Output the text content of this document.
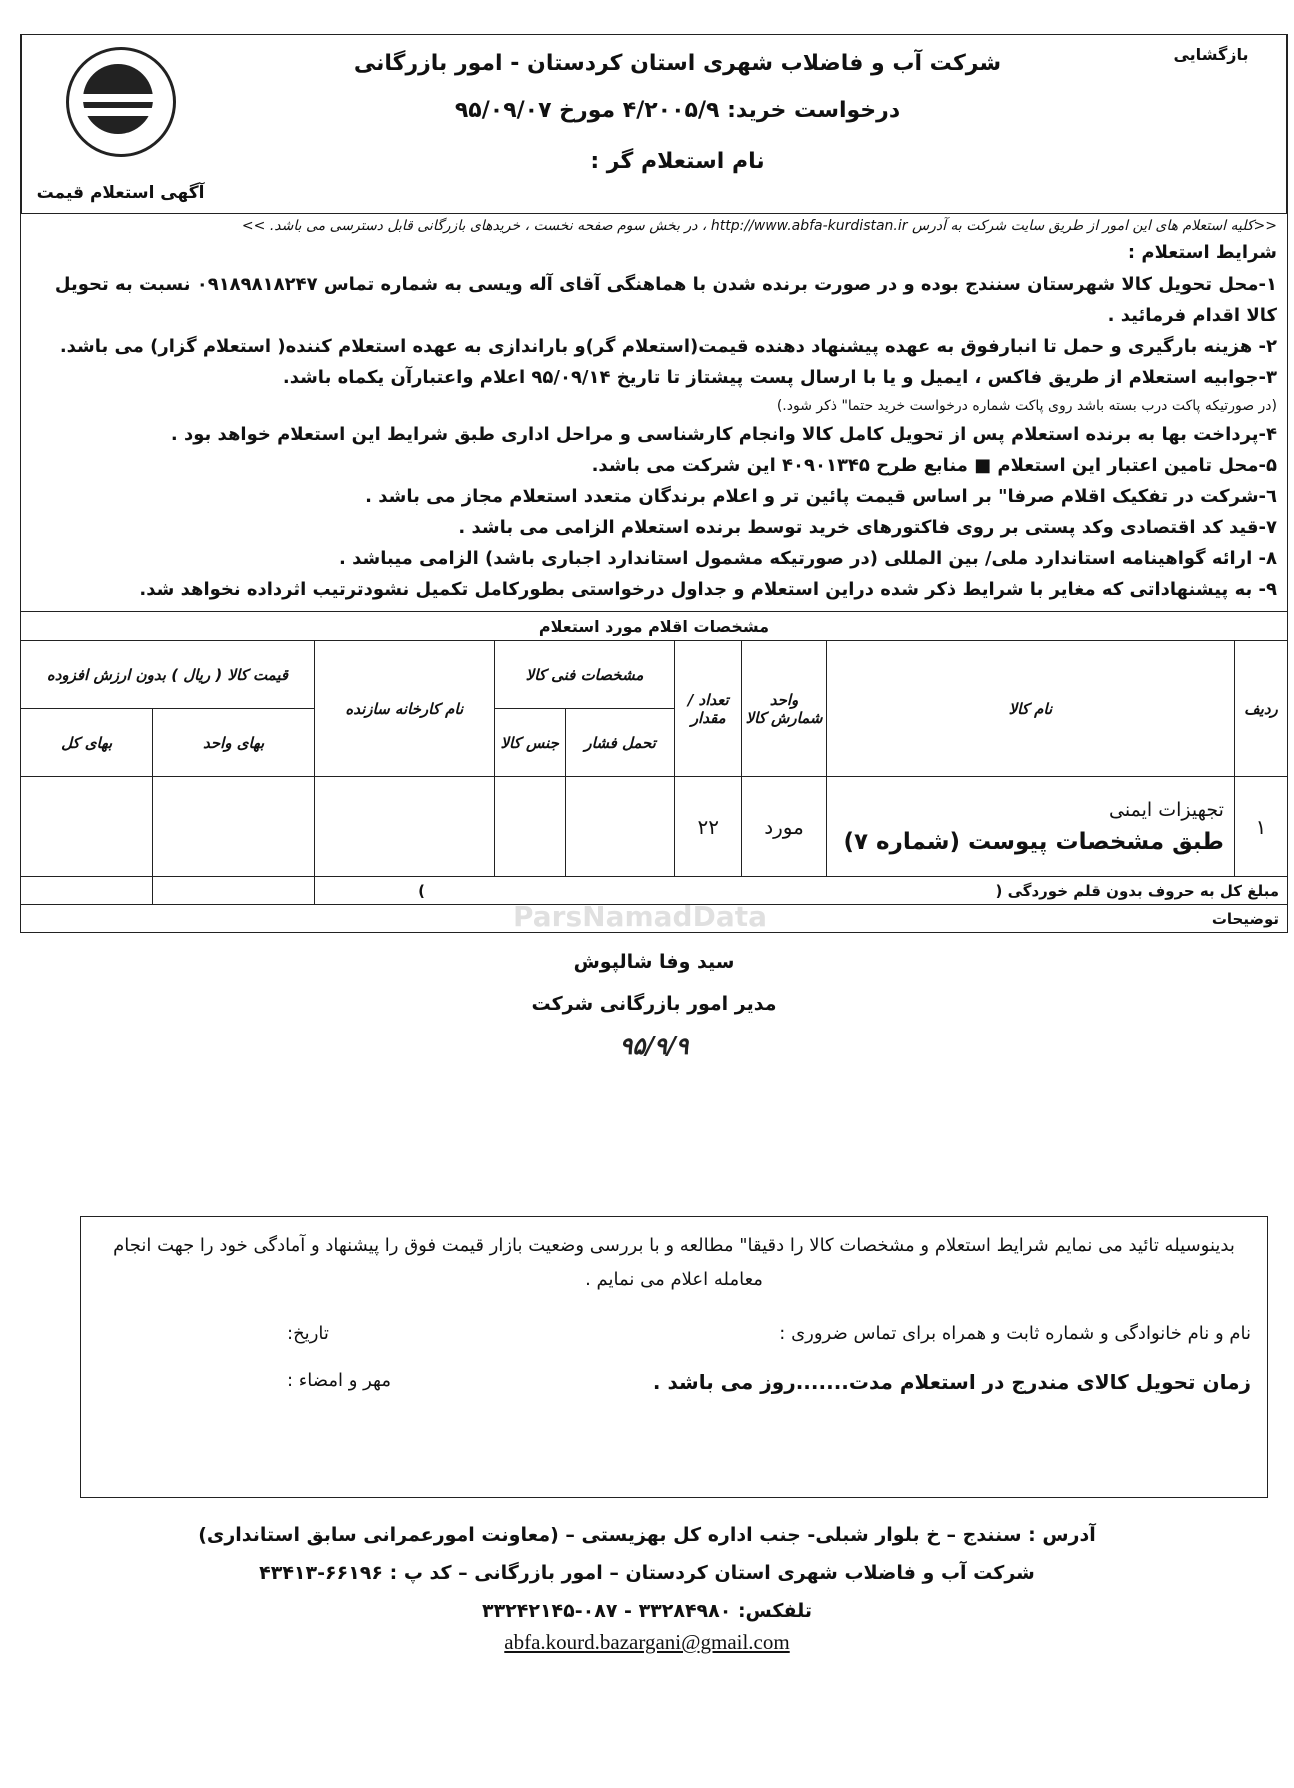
بازگشایی
شرکت آب و فاضلاب شهری استان کردستان - امور بازرگانی
درخواست خرید: ۴/۲۰۰۵/۹ مورخ ۹۵/۰۹/۰۷
نام استعلام گر :
آگهی استعلام قیمت
<<کلیه استعلام های این امور از طریق سایت شرکت به آدرس http://www.abfa-kurdistan.ir ، در بخش سوم صفحه نخست ، خریدهای بازرگانی قابل دسترسی می باشد. >>
شرایط استعلام :
۱-محل تحویل کالا شهرستان سنندج بوده و در صورت برنده شدن با هماهنگی آقای آله ویسی به شماره تماس ۰۹۱۸۹۸۱۸۲۴۷ نسبت به تحویل کالا اقدام فرمائید .
۲- هزینه بارگیری و حمل تا انبارفوق به عهده پیشنهاد دهنده قیمت(استعلام گر)و باراندازی به عهده استعلام کننده( استعلام گزار) می باشد.
۳-جوابیه استعلام از طریق فاکس ، ایمیل و یا با ارسال پست پیشتاز تا تاریخ ۹۵/۰۹/۱۴ اعلام واعتبارآن یکماه باشد.
(در صورتیکه پاکت درب بسته باشد روی پاکت شماره درخواست خرید حتما" ذکر شود.)
۴-پرداخت بها به برنده استعلام پس از تحویل کامل کالا وانجام کارشناسی و مراحل اداری طبق شرایط این استعلام خواهد بود .
۵-محل تامین اعتبار این استعلام ■ منابع طرح ۴۰۹۰۱۳۴۵ این شرکت می باشد.
٦-شرکت در تفکیک اقلام صرفا" بر اساس قیمت پائین تر و اعلام برندگان متعدد استعلام مجاز می باشد .
۷-قید کد اقتصادی وکد پستی بر روی فاکتورهای خرید توسط برنده استعلام الزامی می باشد .
۸- ارائه گواهینامه استاندارد ملی/ بین المللی (در صورتیکه مشمول استاندارد اجباری باشد) الزامی میباشد .
۹- به پیشنهاداتی که مغایر با شرایط ذکر شده دراین استعلام و جداول درخواستی بطورکامل تکمیل نشودترتیب اثرداده نخواهد شد.
مشخصات اقلام مورد استعلام								
ردیف	نام کالا	واحد شمارش کالا	تعداد / مقدار	مشخصات فنی کالا		نام کارخانه سازنده	قیمت کالا ( ریال ) بدون ارزش افزوده	
				تحمل فشار	جنس کالا		بهای واحد	بهای کل
۱	تجهیزات ایمنی
طبق مشخصات پیوست (شماره ۷)	مورد	۲۲					
مبلغ کل به حروف بدون قلم خوردگی (  )								
توضیحات								
سید وفا شالپوش
مدیر امور بازرگانی شرکت
۹۵/۹/۹
ParsNamadData
بدینوسیله تائید می نمایم شرایط استعلام و مشخصات کالا را دقیقا" مطالعه و با بررسی وضعیت بازار قیمت فوق را پیشنهاد و آمادگی خود را جهت انجام معامله اعلام می نمایم .
نام و نام خانوادگی و شماره ثابت و همراه برای تماس ضروری :
تاریخ:
زمان تحویل کالای مندرج در استعلام مدت.......روز می باشد .
مهر و امضاء :
آدرس : سنندج – خ بلوار شبلی- جنب اداره کل بهزیستی – (معاونت امورعمرانی سابق استانداری)
شرکت آب و فاضلاب شهری استان کردستان – امور بازرگانی – کد پ : ۶۶۱۹۶-۴۳۴۱۳
تلفکس: ۳۳۲۸۴۹۸۰ - ۰۸۷-۳۳۲۴۲۱۴۵
abfa.kourd.bazargani@gmail.com
